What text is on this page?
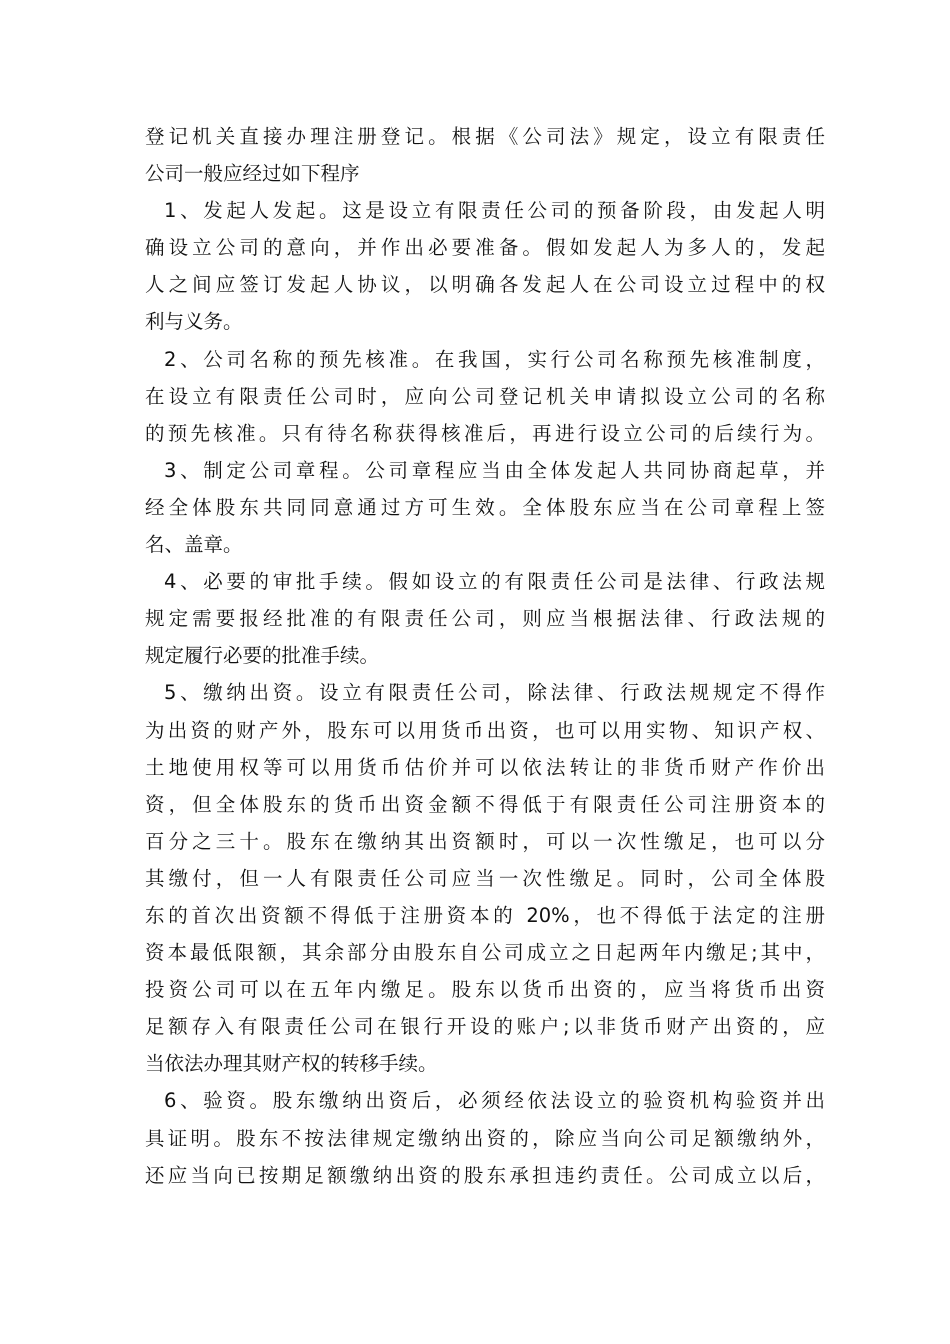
登记机关直接办理注册登记。根据《公司法》规定，设立有限责任
公司一般应经过如下程序
1、发起人发起。这是设立有限责任公司的预备阶段，由发起人明
确设立公司的意向，并作出必要准备。假如发起人为多人的，发起
人之间应签订发起人协议，以明确各发起人在公司设立过程中的权
利与义务。
2、公司名称的预先核准。在我国，实行公司名称预先核准制度，
在设立有限责任公司时，应向公司登记机关申请拟设立公司的名称
的预先核准。只有待名称获得核准后，再进行设立公司的后续行为。
3、制定公司章程。公司章程应当由全体发起人共同协商起草，并
经全体股东共同同意通过方可生效。全体股东应当在公司章程上签
名、盖章。
4、必要的审批手续。假如设立的有限责任公司是法律、行政法规
规定需要报经批准的有限责任公司，则应当根据法律、行政法规的
规定履行必要的批准手续。
5、缴纳出资。设立有限责任公司，除法律、行政法规规定不得作
为出资的财产外，股东可以用货币出资，也可以用实物、知识产权、
土地使用权等可以用货币估价并可以依法转让的非货币财产作价出
资，但全体股东的货币出资金额不得低于有限责任公司注册资本的
百分之三十。股东在缴纳其出资额时，可以一次性缴足，也可以分
其缴付，但一人有限责任公司应当一次性缴足。同时，公司全体股
东的首次出资额不得低于注册资本的 20%，也不得低于法定的注册
资本最低限额，其余部分由股东自公司成立之日起两年内缴足;其中，
投资公司可以在五年内缴足。股东以货币出资的，应当将货币出资
足额存入有限责任公司在银行开设的账户;以非货币财产出资的，应
当依法办理其财产权的转移手续。
6、验资。股东缴纳出资后，必须经依法设立的验资机构验资并出
具证明。股东不按法律规定缴纳出资的，除应当向公司足额缴纳外，
还应当向已按期足额缴纳出资的股东承担违约责任。公司成立以后，
